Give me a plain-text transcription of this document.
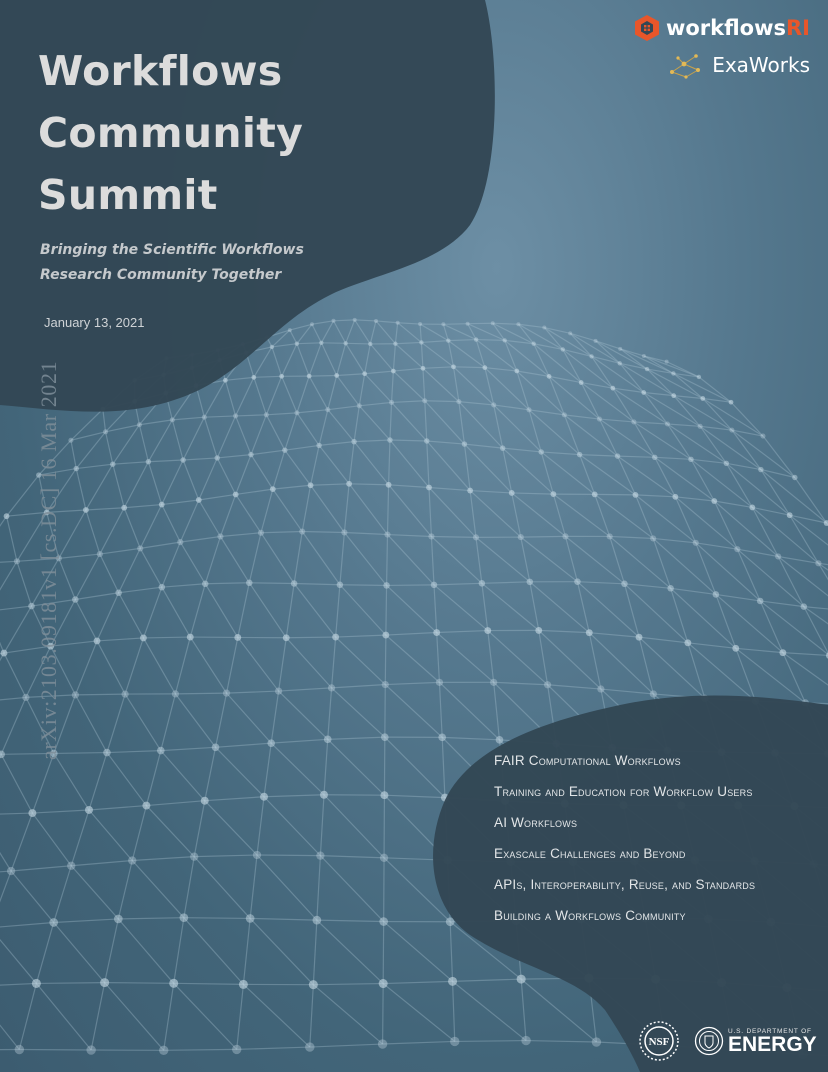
Workflows
Community
Summit
Bringing the Scientific Workflows
Research Community Together
January 13, 2021
arXiv:2103.09181v1 [cs.DC] 16 Mar 2021
workflowsRI
ExaWorks
FAIR Computational Workflows
Training and Education for Workflow Users
AI Workflows
Exascale Challenges and Beyond
APIs, Interoperability, Reuse, and Standards
Building a Workflows Community
NSF
U.S. DEPARTMENT OF
ENERGY
